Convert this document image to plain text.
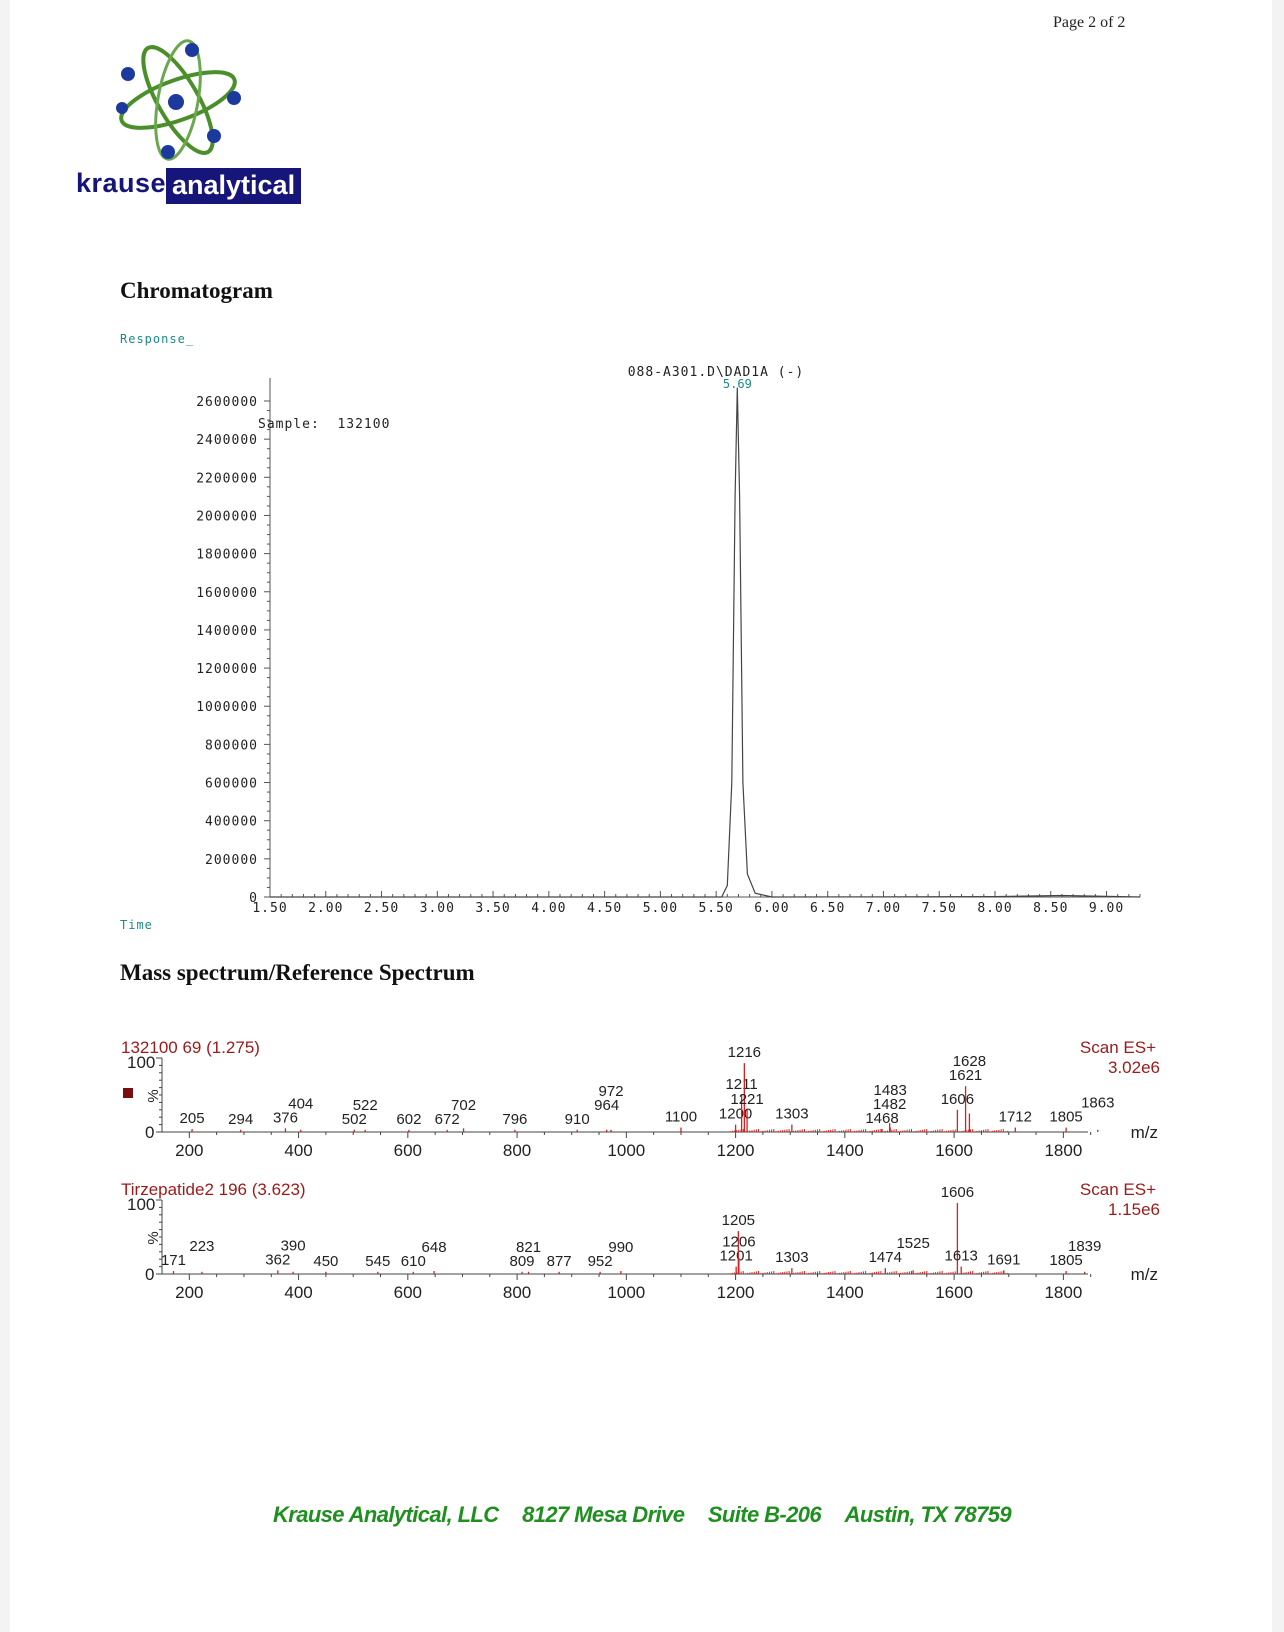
Page 2 of 2
krause analytical
Chromatogram
Response_
0
200000
400000
600000
800000
1000000
1200000
1400000
1600000
1800000
2000000
2200000
2400000
2600000
1.50 2.00 2.50 3.00 3.50 4.00 4.50 5.00 5.50 6.00 6.50 7.00 7.50 8.00 8.50 9.00
088-A301.D\DAD1A (-)
5.69
Sample:  132100
Time
Mass spectrum/Reference Spectrum
132100 69 (1.275)	Scan ES+
3.02e6
100
0
%
200	400	600	800	1000	1200	1400	1600	1800
m/z
205 294 376
404
502
522
602 672
702
796 910
964
972
1100 1200
1211
1216
1221
1303	1468
1482
1483
1606
1621
1628
1712 1805
1863
Tirzepatide2 196 (3.623)	Scan ES+
1.15e6
100
0
%
200	400	600	800	1000	1200	1400	1600	1800
m/z
171
223
362
390
450 545 610
648
809
821
877 952
990
1201
1205
1206
1303	1474
1525
1606
1613 1691 1805
1839
Krause Analytical, LLC 8127 Mesa Drive Suite B-206 Austin, TX 78759
